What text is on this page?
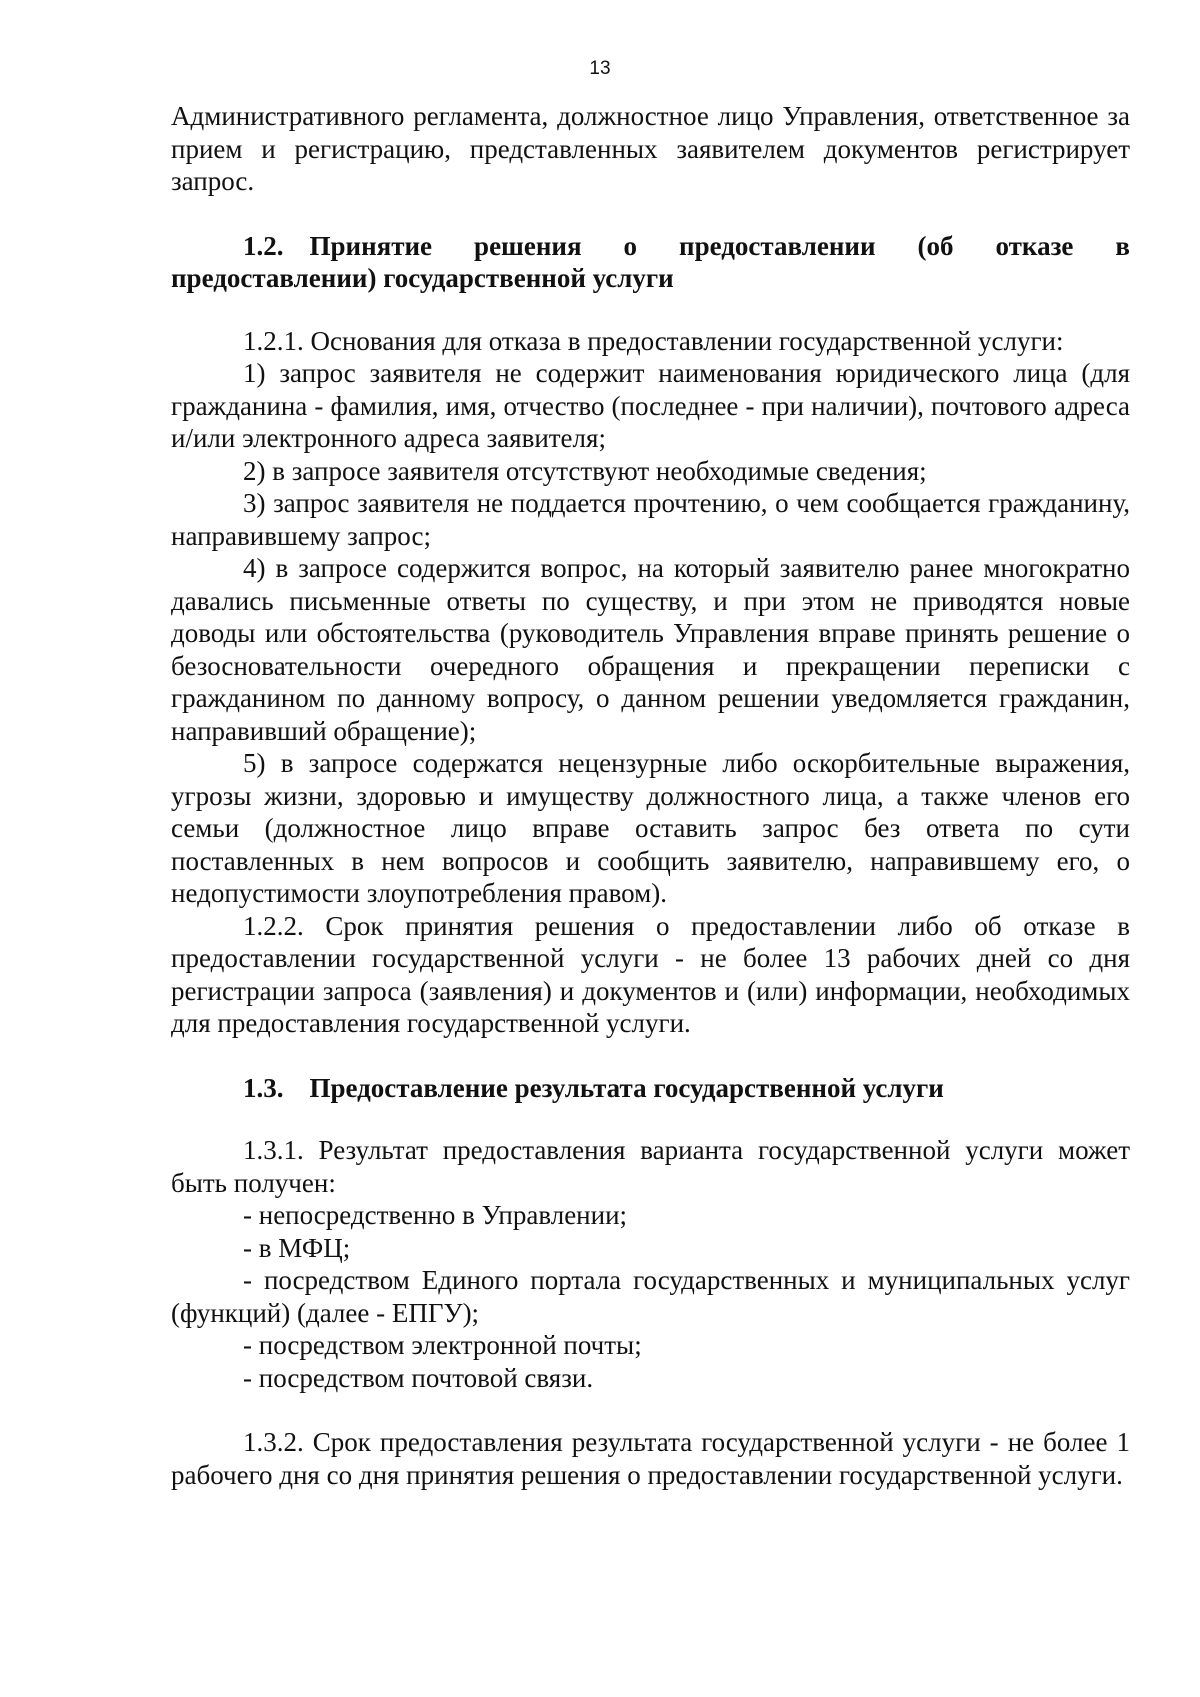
13

Административного регламента, должностное лицо Управления, ответственное за прием и регистрацию, представленных заявителем документов регистрирует запрос.

1.2. Принятие решения о предоставлении (об отказе в предоставлении) государственной услуги

1.2.1. Основания для отказа в предоставлении государственной услуги:

1) запрос заявителя не содержит наименования юридического лица (для гражданина - фамилия, имя, отчество (последнее - при наличии), почтового адреса и/или электронного адреса заявителя;

2) в запросе заявителя отсутствуют необходимые сведения;

3) запрос заявителя не поддается прочтению, о чем сообщается гражданину, направившему запрос;

4) в запросе содержится вопрос, на который заявителю ранее многократно давались письменные ответы по существу, и при этом не приводятся новые доводы или обстоятельства (руководитель Управления вправе принять решение о безосновательности очередного обращения и прекращении переписки с гражданином по данному вопросу, о данном решении уведомляется гражданин, направивший обращение);

5) в запросе содержатся нецензурные либо оскорбительные выражения, угрозы жизни, здоровью и имуществу должностного лица, а также членов его семьи (должностное лицо вправе оставить запрос без ответа по сути поставленных в нем вопросов и сообщить заявителю, направившему его, о недопустимости злоупотребления правом).

1.2.2. Срок принятия решения о предоставлении либо об отказе в предоставлении государственной услуги - не более 13 рабочих дней со дня регистрации запроса (заявления) и документов и (или) информации, необходимых для предоставления государственной услуги.

1.3. Предоставление результата государственной услуги

1.3.1. Результат предоставления варианта государственной услуги может быть получен:

- непосредственно в Управлении;

- в МФЦ;

- посредством Единого портала государственных и муниципальных услуг (функций) (далее - ЕПГУ);

- посредством электронной почты;

- посредством почтовой связи.

1.3.2. Срок предоставления результата государственной услуги - не более 1 рабочего дня со дня принятия решения о предоставлении государственной услуги.
